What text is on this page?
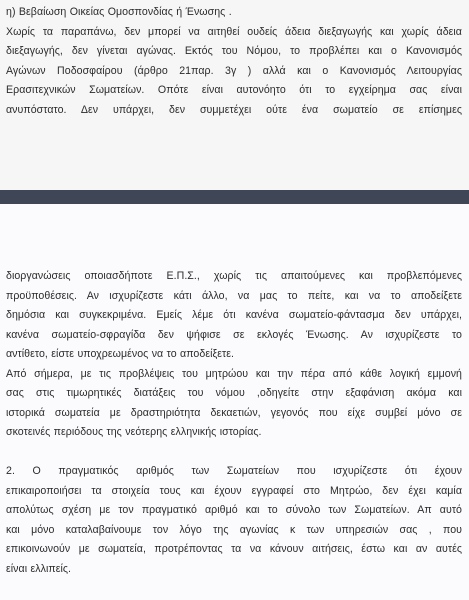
η) Βεβαίωση Οικείας Ομοσπονδίας ή Ένωσης .
Χωρίς τα παραπάνω, δεν μπορεί να αιτηθεί ουδείς άδεια διεξαγωγής και χωρίς άδεια
διεξαγωγής, δεν γίνεται αγώνας. Εκτός του Νόμου, το προβλέπει και ο Κανονισμός
Αγώνων Ποδοσφαίρου (άρθρο 21παρ. 3γ ) αλλά και ο Κανονισμός Λειτουργίας
Ερασιτεχνικών Σωματείων. Οπότε είναι αυτονόητο ότι το εγχείρημα σας είναι
ανυπόστατο. Δεν υπάρχει, δεν συμμετέχει ούτε ένα σωματείο σε επίσημες
διοργανώσεις οποιασδήποτε Ε.Π.Σ., χωρίς τις απαιτούμενες και προβλεπόμενες
προϋποθέσεις. Αν ισχυρίζεστε κάτι άλλο, να μας το πείτε, και να το αποδείξετε
δημόσια και συγκεκριμένα. Εμείς λέμε ότι κανένα σωματείο-φάντασμα δεν υπάρχει,
κανένα σωματείο-σφραγίδα δεν ψήφισε σε εκλογές Ένωσης. Αν ισχυρίζεστε το
αντίθετο, είστε υποχρεωμένος να το αποδείξετε.
Από σήμερα, με τις προβλέψεις του μητρώου και την πέρα από κάθε λογική εμμονή
σας στις τιμωρητικές διατάξεις του νόμου ,οδηγείτε στην εξαφάνιση ακόμα και
ιστορικά σωματεία με δραστηριότητα δεκαετιών, γεγονός που είχε συμβεί μόνο σε
σκοτεινές περιόδους της νεότερης ελληνικής ιστορίας.
2. Ο πραγματικός αριθμός των Σωματείων που ισχυρίζεστε ότι έχουν
επικαιροποιήσει τα στοιχεία τους και έχουν εγγραφεί στο Μητρώο, δεν έχει καμία
απολύτως σχέση με τον πραγματικό αριθμό και το σύνολο των Σωματείων. Απ αυτό
και μόνο καταλαβαίνουμε τον λόγο της αγωνίας κ των υπηρεσιών σας , που
επικοινωνούν με σωματεία, προτρέποντας τα να κάνουν αιτήσεις, έστω και αν αυτές
είναι ελλιπείς.
